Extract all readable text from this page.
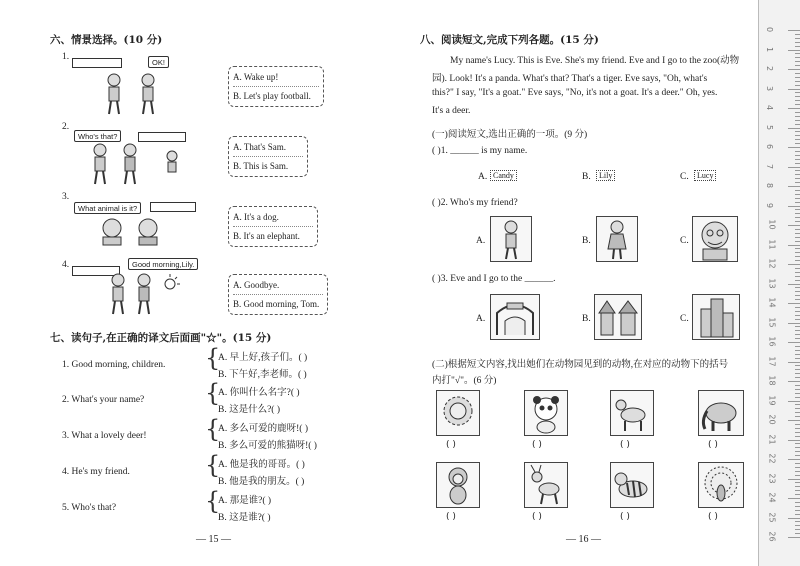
六、情景选择。(10 分)
1.
OK!
A. Wake up!
B. Let's play football.
2.
Who's that?
A. That's Sam.
B. This is Sam.
3.
What animal is it?
A. It's a dog.
B. It's an elephant.
4.	Good morning,Lily.
A. Goodbye.
B. Good morning, Tom.
七、读句子,在正确的译文后面画"☆"。(15 分)
1. Good morning, children. {
A. 早上好,孩子们。( )
B. 下午好,李老师。( )
2. What's your name?	{
A. 你叫什么名字?( )
B. 这是什么?( )
3. What a lovely deer! {
A. 多么可爱的鹿呀!( )
B. 多么可爱的熊猫呀!( )
4. He's my friend.	{
A. 他是我的哥哥。( )
B. 他是我的朋友。( )
5. Who's that?	{
A. 那是谁?( )
B. 这是谁?( )
— 15 —
八、阅读短文,完成下列各题。(15 分)
My name's Lucy. This is Eve. She's my friend. Eve and I go to the zoo(动物
园). Look! It's a panda. What's that? That's a tiger. Eve says, "Oh, what's
this?" I say, "It's a goat." Eve says, "No, it's not a goat. It's a deer." Oh, yes.
It's a deer.
(一)阅读短文,选出正确的一项。(9 分)
( )1. ______ is my name.
A. Candy	B.	Lily	C.	Lucy
( )2. Who's my friend?
A.	B.	C.
( )3. Eve and I go to the ______.
A.	B.	C.
(二)根据短文内容,找出她们在动物园见到的动物,在对应的动物下的括号
内打"√"。(6 分)
( )	( )	( )	( )
( )	( )	( )	( )
— 16 —
0
1
2
3
4
5
6
7
8
9
10
11
12
13
14
15
16
17
18
19
20
21
22
23
24
25
26
